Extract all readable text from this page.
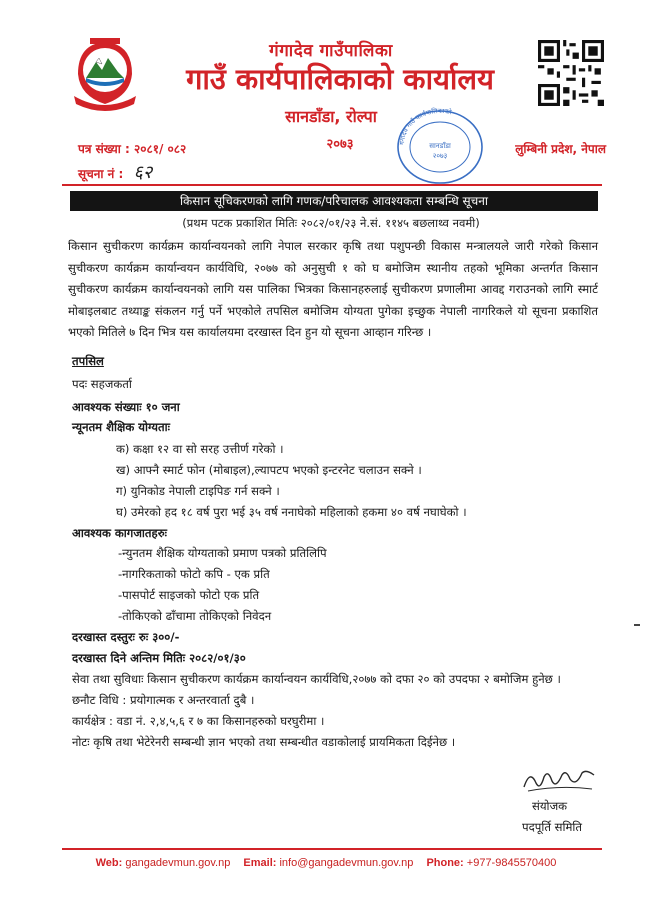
गंगादेव गाउँपालिका
गाउँ कार्यपालिकाको कार्यालय
सानडाँडा, रोल्पा
२०७३	गंगादेव गाउँ कार्यपालिकाको
सानडाँडा
२०७३
पत्र संख्या : २०८१/ ०८२
सूचना नं : ६२
लुम्बिनी प्रदेश, नेपाल
किसान सूचिकरणको लागि गणक/परिचालक आवश्यकता सम्बन्धि सूचना
(प्रथम पटक प्रकाशित मितिः २०८२/०१/२३ ने.सं. ११४५ बछलाथ्व नवमी)
किसान सुचीकरण कार्यक्रम कार्यान्वयनको लागि नेपाल सरकार कृषि तथा पशुपन्छी विकास मन्त्रालयले जारी गरेको किसान सुचीकरण कार्यक्रम कार्यान्वयन कार्यविधि, २०७७ को अनुसुची १ को घ बमोजिम स्थानीय तहको भूमिका अन्तर्गत किसान सुचीकरण कार्यक्रम कार्यान्वयनको लागि यस पालिका भित्रका किसानहरुलाई सुचीकरण प्रणालीमा आवद्द गराउनको लागि स्मार्ट मोबाइलबाट तथ्याङ्क संकलन गर्नु पर्ने भएकोले तपसिल बमोजिम योग्यता पुगेका इच्छुक नेपाली नागरिकले यो सूचना प्रकाशित भएको मितिले ७ दिन भित्र यस कार्यालयमा दरखास्त दिन हुन यो सूचना आव्हान गरिन्छ ।
तपसिल
पदः सहजकर्ता
आवश्यक संख्याः १० जना
न्यूनतम शैक्षिक योग्यताः
क) कक्षा १२ वा सो सरह उत्तीर्ण गरेको ।
ख) आफ्नै स्मार्ट फोन (मोबाइल),ल्यापटप भएको इन्टरनेट चलाउन सक्ने ।
ग) युनिकोड नेपाली टाइपिङ गर्न सक्ने ।
घ) उमेरको हद १८ वर्ष पुरा भई ३५ वर्ष ननाघेको महिलाको हकमा ४० वर्ष नघाघेको ।
आवश्यक कागजातहरुः
-न्युनतम शैक्षिक योग्यताको प्रमाण पत्रको प्रतिलिपि
-नागरिकताको फोटो कपि - एक प्रति
-पासपोर्ट साइजको फोटो एक प्रति
-तोकिएको ढाँचामा तोकिएको निवेदन
दरखास्त दस्तुरः रुः ३००/-
दरखास्त दिने अन्तिम मितिः २०८२/०१/३०
सेवा तथा सुविधाः किसान सुचीकरण कार्यक्रम कार्यान्वयन कार्यविधि,२०७७ को दफा २० को उपदफा २ बमोजिम हुनेछ ।
छनौट विधि : प्रयोगात्मक र अन्तरवार्ता दुबै ।
कार्यक्षेत्र : वडा नं. २,४,५,६ र ७ का किसानहरुको घरघुरीमा ।
नोटः कृषि तथा भेटेरेनरी सम्बन्धी ज्ञान भएको तथा सम्बन्धीत वडाकोलाई प्रायमिकता दिईनेछ ।
संयोजक
पदपूर्ति समिति
Web: gangadevmun.gov.np Email: info@gangadevmun.gov.np Phone: +977-9845570400
